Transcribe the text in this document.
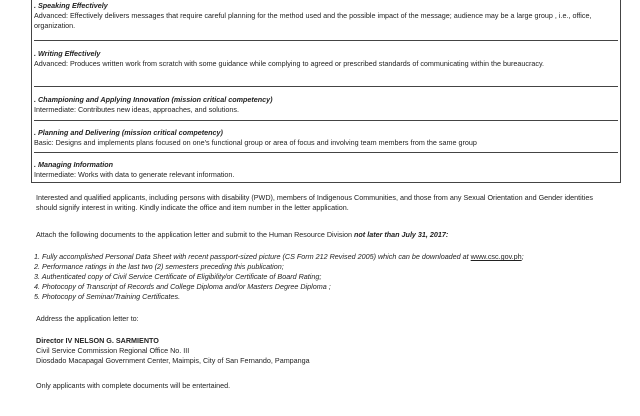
. Speaking Effectively
Advanced: Effectively delivers messages that require careful planning for the method used and the possible impact of the message; audience may be a large group , i.e., office, organization.
. Writing Effectively
Advanced: Produces written work from scratch with some guidance while complying to agreed or prescribed standards of communicating within the bureaucracy.
. Championing and Applying Innovation (mission critical competency)
Intermediate: Contributes new ideas, approaches, and solutions.
. Planning and Delivering (mission critical competency)
Basic: Designs and implements plans focused on one's functional group or area of focus and involving team members from the same group
. Managing Information
Intermediate: Works with data to generate relevant information.
Interested and qualified applicants, including persons with disability (PWD), members of Indigenous Communities, and those from any Sexual Orientation and Gender identities should signify interest in writing. Kindly indicate the office and item number in the letter application.
Attach the following documents to the application letter and submit to the Human Resource Division not later than July 31, 2017:
1. Fully accomplished Personal Data Sheet with recent passport-sized picture (CS Form 212 Revised 2005) which can be downloaded at www.csc.gov.ph;
2. Performance ratings in the last two (2) semesters preceding this publication;
3. Authenticated copy of Civil Service Certificate of Eligibility/or Certificate of Board Rating;
4. Photocopy of Transcript of Records and College Diploma and/or Masters Degree Diploma ;
5. Photocopy of Seminar/Training Certificates.
Address the application letter to:
Director IV NELSON G. SARMIENTO
Civil Service Commission Regional Office No. III
Diosdado Macapagal Government Center, Maimpis, City of San Fernando, Pampanga
Only applicants with complete documents will be entertained.
